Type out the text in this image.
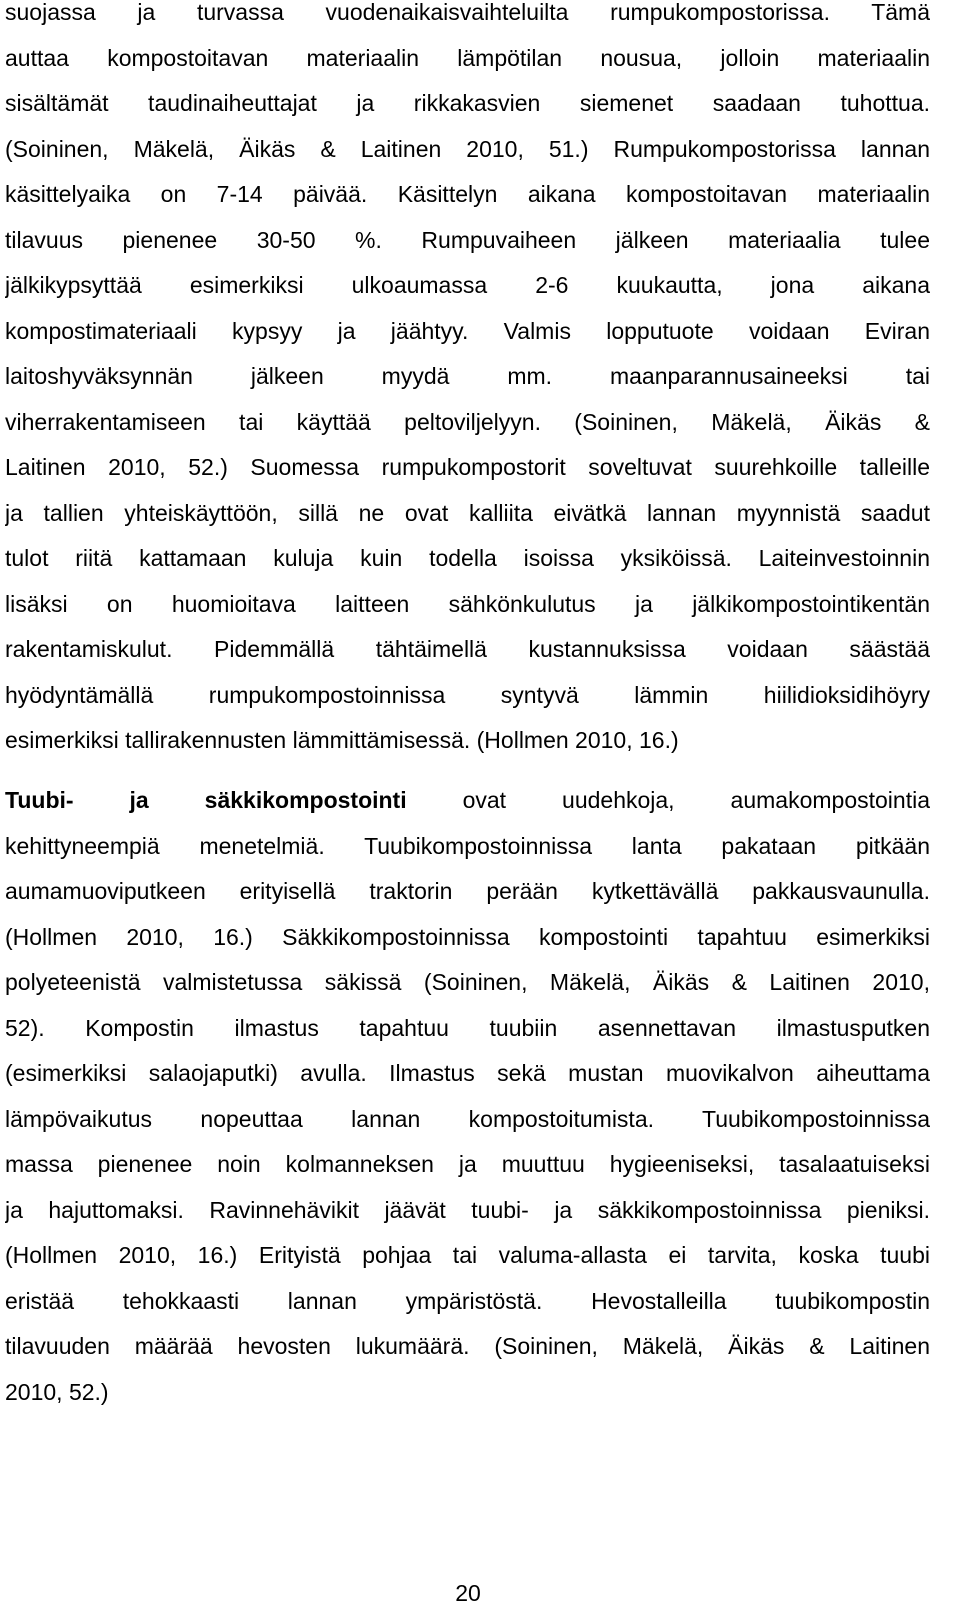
suojassa ja turvassa vuodenaikaisvaihteluilta rumpukompostorissa. Tämä
auttaa kompostoitavan materiaalin lämpötilan nousua, jolloin materiaalin
sisältämät taudinaiheuttajat ja rikkakasvien siemenet saadaan tuhottua.
(Soininen, Mäkelä, Äikäs & Laitinen 2010, 51.) Rumpukompostorissa lannan
käsittelyaika on 7-14 päivää. Käsittelyn aikana kompostoitavan materiaalin
tilavuus pienenee 30-50 %. Rumpuvaiheen jälkeen materiaalia tulee
jälkikypsyttää esimerkiksi ulkoaumassa 2-6 kuukautta, jona aikana
kompostimateriaali kypsyy ja jäähtyy. Valmis lopputuote voidaan Eviran
laitoshyväksynnän jälkeen myydä mm. maanparannusaineeksi tai
viherrakentamiseen tai käyttää peltoviljelyyn. (Soininen, Mäkelä, Äikäs &
Laitinen 2010, 52.) Suomessa rumpukompostorit soveltuvat suurehkoille talleille
ja tallien yhteiskäyttöön, sillä ne ovat kalliita eivätkä lannan myynnistä saadut
tulot riitä kattamaan kuluja kuin todella isoissa yksiköissä. Laiteinvestoinnin
lisäksi on huomioitava laitteen sähkönkulutus ja jälkikompostointikentän
rakentamiskulut. Pidemmällä tähtäimellä kustannuksissa voidaan säästää
hyödyntämällä rumpukompostoinnissa syntyvä lämmin hiilidioksidihöyry
esimerkiksi tallirakennusten lämmittämisessä. (Hollmen 2010, 16.)
Tuubi- ja säkkikompostointi ovat uudehkoja, aumakompostointia
kehittyneempiä menetelmiä. Tuubikompostoinnissa lanta pakataan pitkään
aumamuoviputkeen erityisellä traktorin perään kytkettävällä pakkausvaunulla.
(Hollmen 2010, 16.) Säkkikompostoinnissa kompostointi tapahtuu esimerkiksi
polyeteenistä valmistetussa säkissä (Soininen, Mäkelä, Äikäs & Laitinen 2010,
52). Kompostin ilmastus tapahtuu tuubiin asennettavan ilmastusputken
(esimerkiksi salaojaputki) avulla. Ilmastus sekä mustan muovikalvon aiheuttama
lämpövaikutus nopeuttaa lannan kompostoitumista. Tuubikompostoinnissa
massa pienenee noin kolmanneksen ja muuttuu hygieeniseksi, tasalaatuiseksi
ja hajuttomaksi. Ravinnehävikit jäävät tuubi- ja säkkikompostoinnissa pieniksi.
(Hollmen 2010, 16.) Erityistä pohjaa tai valuma-allasta ei tarvita, koska tuubi
eristää tehokkaasti lannan ympäristöstä. Hevostalleilla tuubikompostin
tilavuuden määrää hevosten lukumäärä. (Soininen, Mäkelä, Äikäs & Laitinen
2010, 52.)
20
